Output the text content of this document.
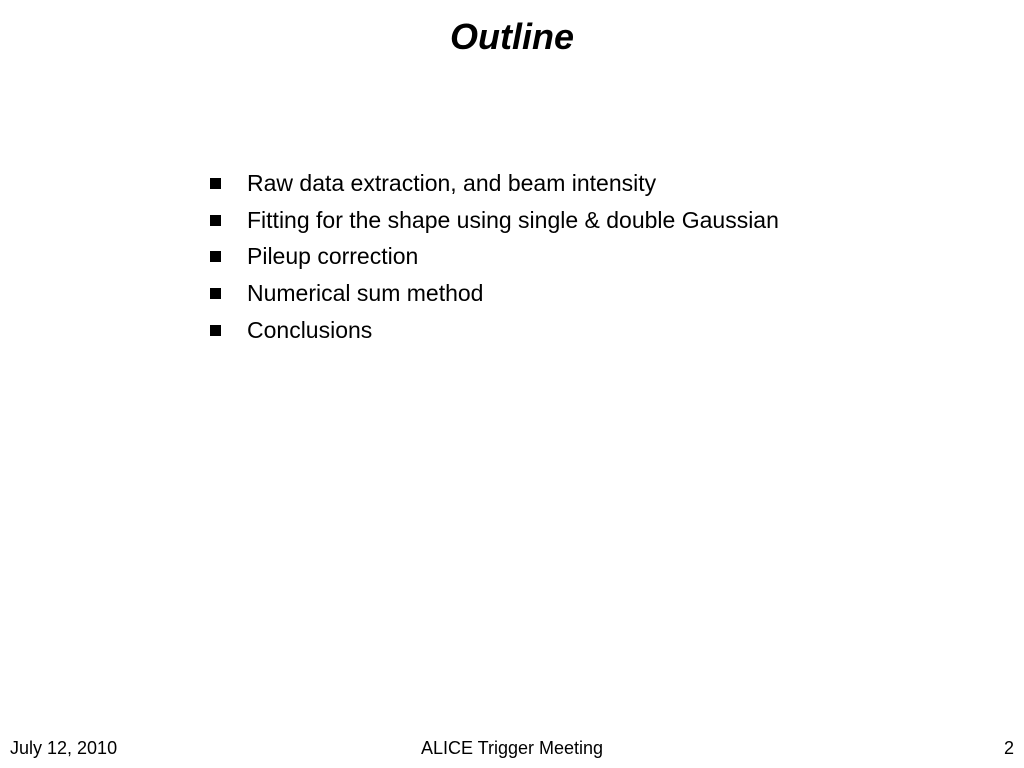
Outline
Raw data extraction, and beam intensity
Fitting for the shape using single & double Gaussian
Pileup correction
Numerical sum method
Conclusions
July 12, 2010	ALICE Trigger Meeting	2
